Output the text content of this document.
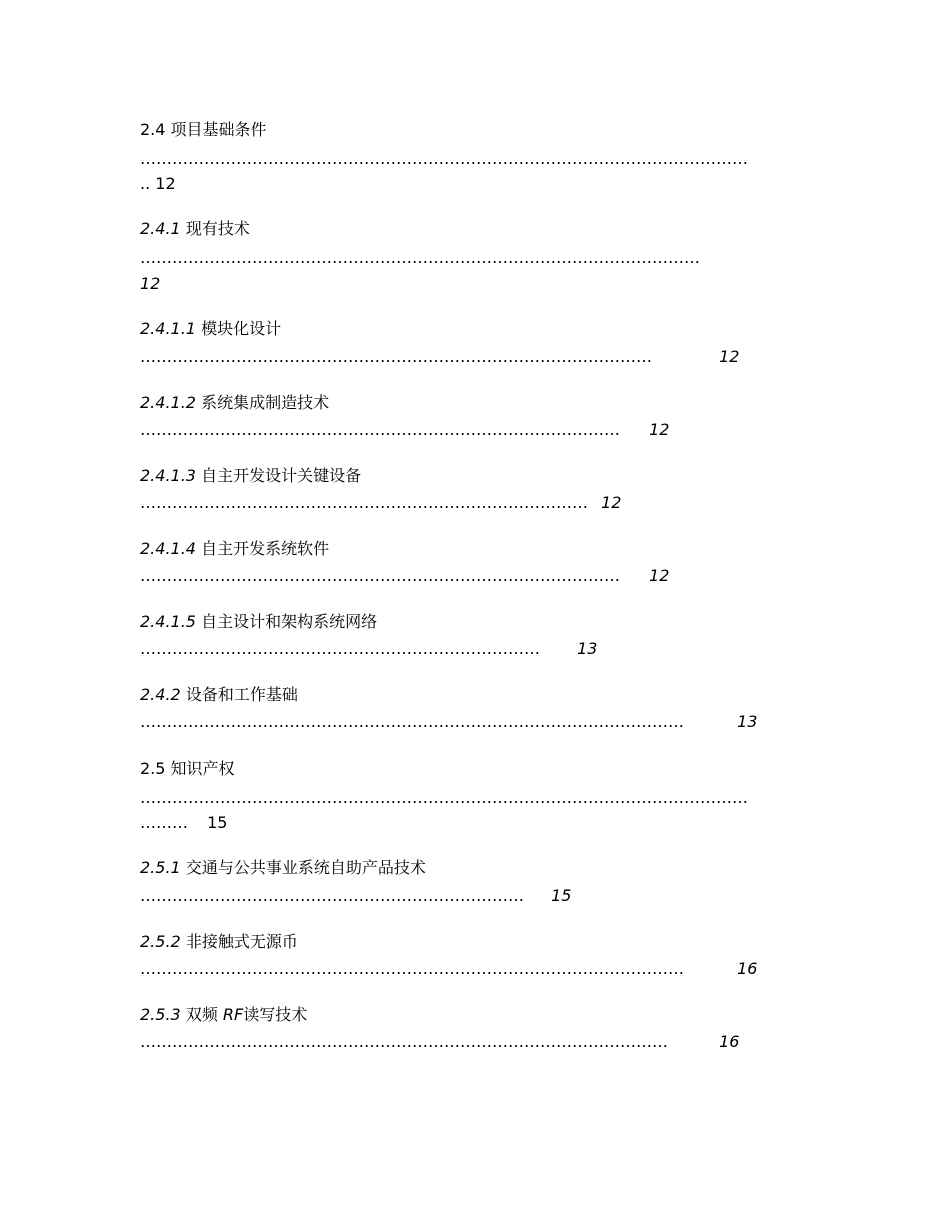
2.4 项目基础条件
……………………………………………………………………………………………………
.. 12
2.4.1 现有技术
……………………………………………………………………………………………
12
2.4.1.1 模块化设计
……………………………………………………………………………………	12
2.4.1.2 系统集成制造技术
……………………………………………………………………………… 12
2.4.1.3 自主开发设计关键设备
………………………………………………………………………… 12
2.4.1.4 自主开发系统软件
……………………………………………………………………………… 12
2.4.1.5 自主设计和架构系统网络
………………………………………………………………… 13
2.4.2 设备和工作基础
…………………………………………………………………………………………	13
2.5 知识产权
……………………………………………………………………………………………………
……… 15
2.5.1 交通与公共事业系统自助产品技术
……………………………………………………………… 15
2.5.2 非接触式无源币
…………………………………………………………………………………………	16
2.5.3 双频 RF读写技术
………………………………………………………………………………………	16
